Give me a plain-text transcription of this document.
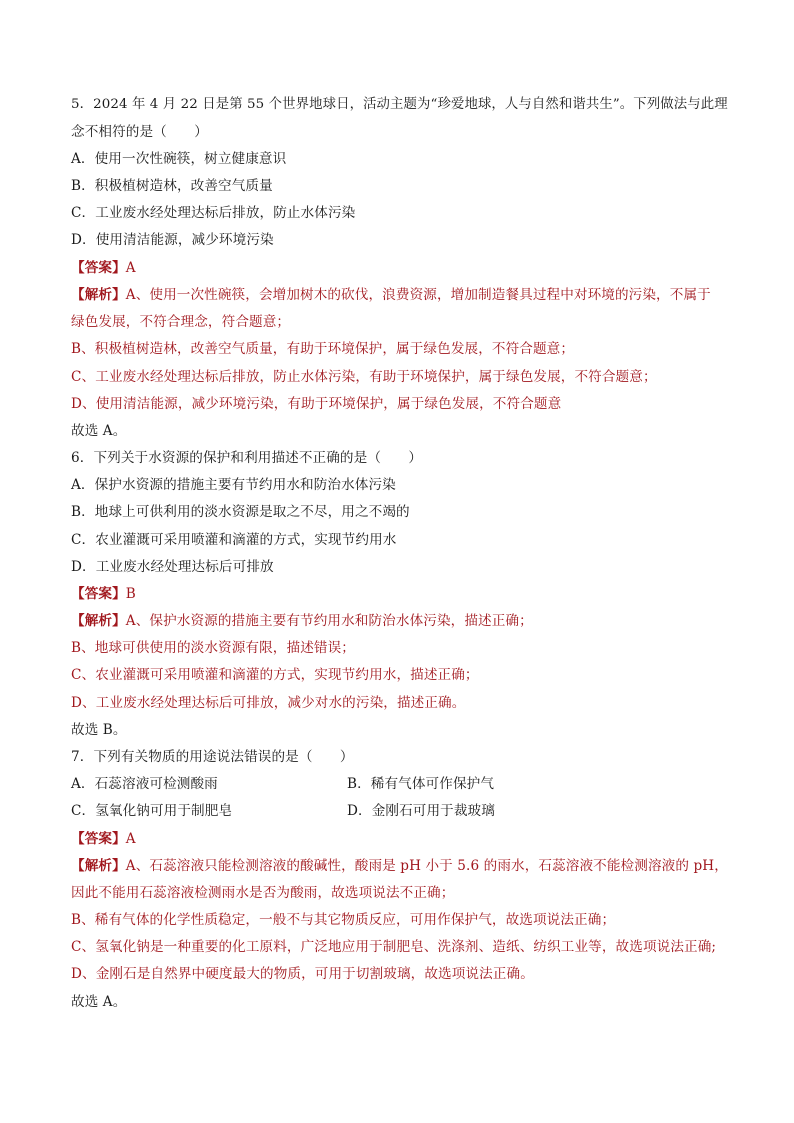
5．2024 年 4 月 22 日是第 55 个世界地球日，活动主题为“珍爱地球，人与自然和谐共生”。下列做法与此理
念不相符的是（　　）
A．使用一次性碗筷，树立健康意识
B．积极植树造林，改善空气质量
C．工业废水经处理达标后排放，防止水体污染
D．使用清洁能源，减少环境污染
【答案】A
【解析】A、使用一次性碗筷，会增加树木的砍伐，浪费资源，增加制造餐具过程中对环境的污染，不属于
绿色发展，不符合理念，符合题意；
B、积极植树造林，改善空气质量，有助于环境保护，属于绿色发展，不符合题意；
C、工业废水经处理达标后排放，防止水体污染，有助于环境保护，属于绿色发展，不符合题意；
D、使用清洁能源，减少环境污染，有助于环境保护，属于绿色发展，不符合题意
故选 A。
6．下列关于水资源的保护和利用描述不正确的是（　　）
A．保护水资源的措施主要有节约用水和防治水体污染
B．地球上可供利用的淡水资源是取之不尽，用之不竭的
C．农业灌溉可采用喷灌和滴灌的方式，实现节约用水
D．工业废水经处理达标后可排放
【答案】B
【解析】A、保护水资源的措施主要有节约用水和防治水体污染，描述正确；
B、地球可供使用的淡水资源有限，描述错误；
C、农业灌溉可采用喷灌和滴灌的方式，实现节约用水，描述正确；
D、工业废水经处理达标后可排放，减少对水的污染，描述正确。
故选 B。
7．下列有关物质的用途说法错误的是（　　）
A．石蕊溶液可检测酸雨	B．稀有气体可作保护气
C．氢氧化钠可用于制肥皂	D．金刚石可用于裁玻璃
【答案】A
【解析】A、石蕊溶液只能检测溶液的酸碱性，酸雨是 pH 小于 5.6 的雨水，石蕊溶液不能检测溶液的 pH，
因此不能用石蕊溶液检测雨水是否为酸雨，故选项说法不正确；
B、稀有气体的化学性质稳定，一般不与其它物质反应，可用作保护气，故选项说法正确；
C、氢氧化钠是一种重要的化工原料，广泛地应用于制肥皂、洗涤剂、造纸、纺织工业等，故选项说法正确;
D、金刚石是自然界中硬度最大的物质，可用于切割玻璃，故选项说法正确。
故选 A。
